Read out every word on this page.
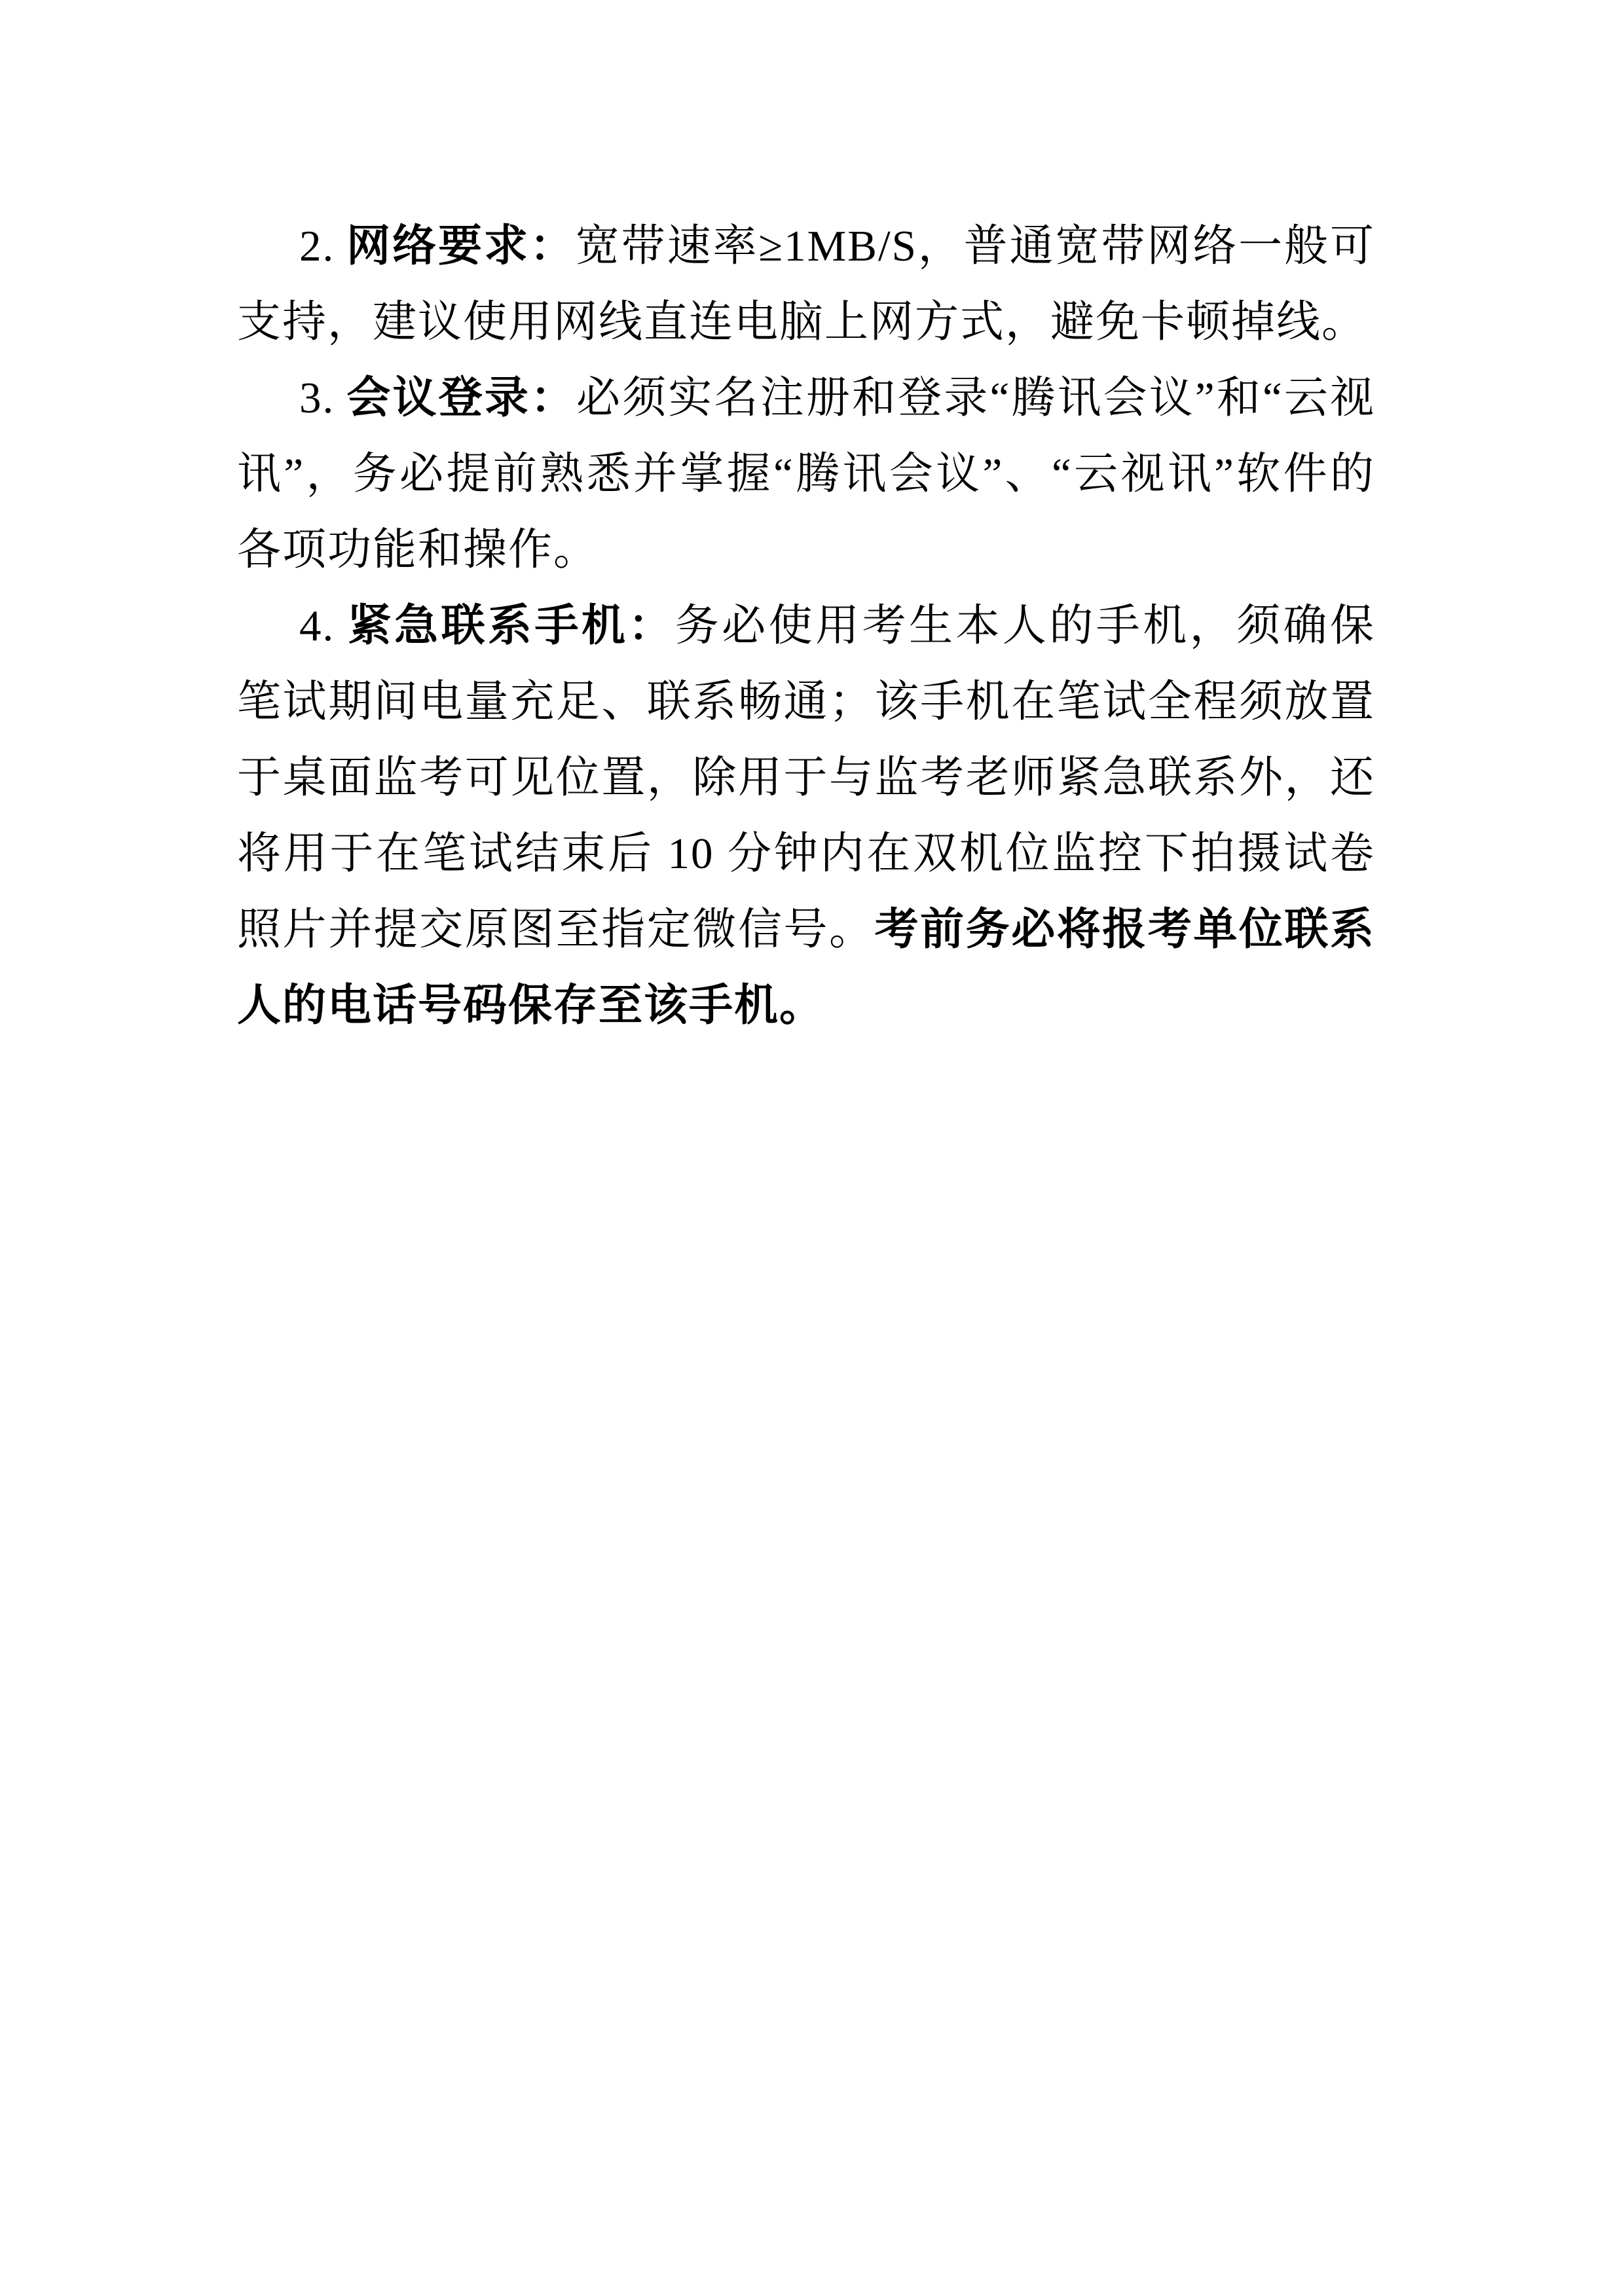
2. 网络要求：宽带速率≥1MB/S，普通宽带网络一般可支持，建议使用网线直连电脑上网方式，避免卡顿掉线。

3. 会议登录：必须实名注册和登录“腾讯会议”和“云视讯”，务必提前熟悉并掌握“腾讯会议”、“云视讯”软件的各项功能和操作。

4. 紧急联系手机：务必使用考生本人的手机，须确保笔试期间电量充足、联系畅通；该手机在笔试全程须放置于桌面监考可见位置，除用于与监考老师紧急联系外，还将用于在笔试结束后 10 分钟内在双机位监控下拍摄试卷照片并提交原图至指定微信号。考前务必将报考单位联系人的电话号码保存至该手机。
